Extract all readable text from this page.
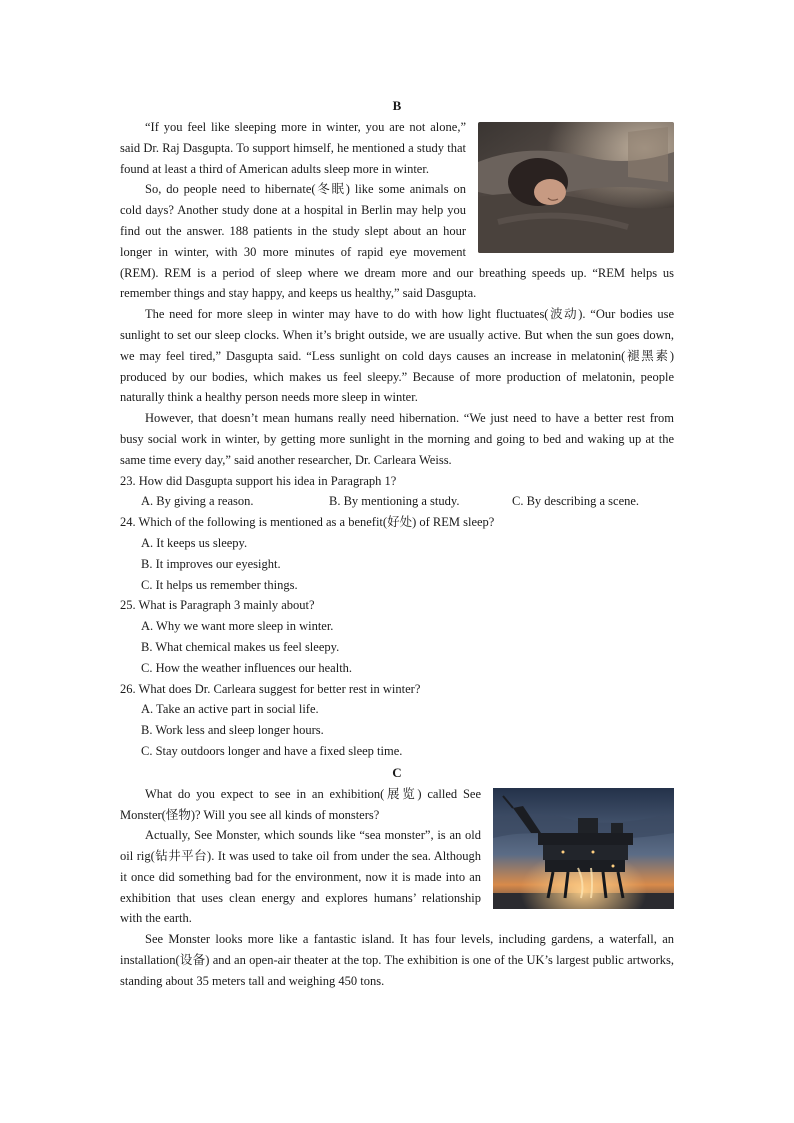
B

“If you feel like sleeping more in winter, you are not alone,” said Dr. Raj Dasgupta. To support himself, he mentioned a study that found at least a third of American adults sleep more in winter.

So, do people need to hibernate(冬眠) like some animals on cold days? Another study done at a hospital in Berlin may help you find out the answer. 188 patients in the study slept about an hour longer in winter, with 30 more minutes of rapid eye movement (REM). REM is a period of sleep where we dream more and our breathing speeds up. “REM helps us remember things and stay happy, and keeps us healthy,” said Dasgupta.

The need for more sleep in winter may have to do with how light fluctuates(波动). “Our bodies use sunlight to set our sleep clocks. When it’s bright outside, we are usually active. But when the sun goes down, we may feel tired,” Dasgupta said. “Less sunlight on cold days causes an increase in melatonin(褪黑素) produced by our bodies, which makes us feel sleepy.” Because of more production of melatonin, people naturally think a healthy person needs more sleep in winter.

However, that doesn’t mean humans really need hibernation. “We just need to have a better rest from busy social work in winter, by getting more sunlight in the morning and going to bed and waking up at the same time every day,” said another researcher, Dr. Carleara Weiss.

23. How did Dasgupta support his idea in Paragraph 1?

A. By giving a reason.	B. By mentioning a study.	C. By describing a scene.

24. Which of the following is mentioned as a benefit(好处) of REM sleep?

A. It keeps us sleepy.

B. It improves our eyesight.

C. It helps us remember things.

25. What is Paragraph 3 mainly about?

A. Why we want more sleep in winter.

B. What chemical makes us feel sleepy.

C. How the weather influences our health.

26. What does Dr. Carleara suggest for better rest in winter?

A. Take an active part in social life.

B. Work less and sleep longer hours.

C. Stay outdoors longer and have a fixed sleep time.

C

What do you expect to see in an exhibition(展览) called See Monster(怪物)? Will you see all kinds of monsters?

Actually, See Monster, which sounds like “sea monster”, is an old oil rig(钻井平台). It was used to take oil from under the sea. Although it once did something bad for the environment, now it is made into an exhibition that uses clean energy and explores humans’ relationship with the earth.

See Monster looks more like a fantastic island. It has four levels, including gardens, a waterfall, an installation(设备) and an open-air theater at the top. The exhibition is one of the UK’s largest public artworks, standing about 35 meters tall and weighing 450 tons.
